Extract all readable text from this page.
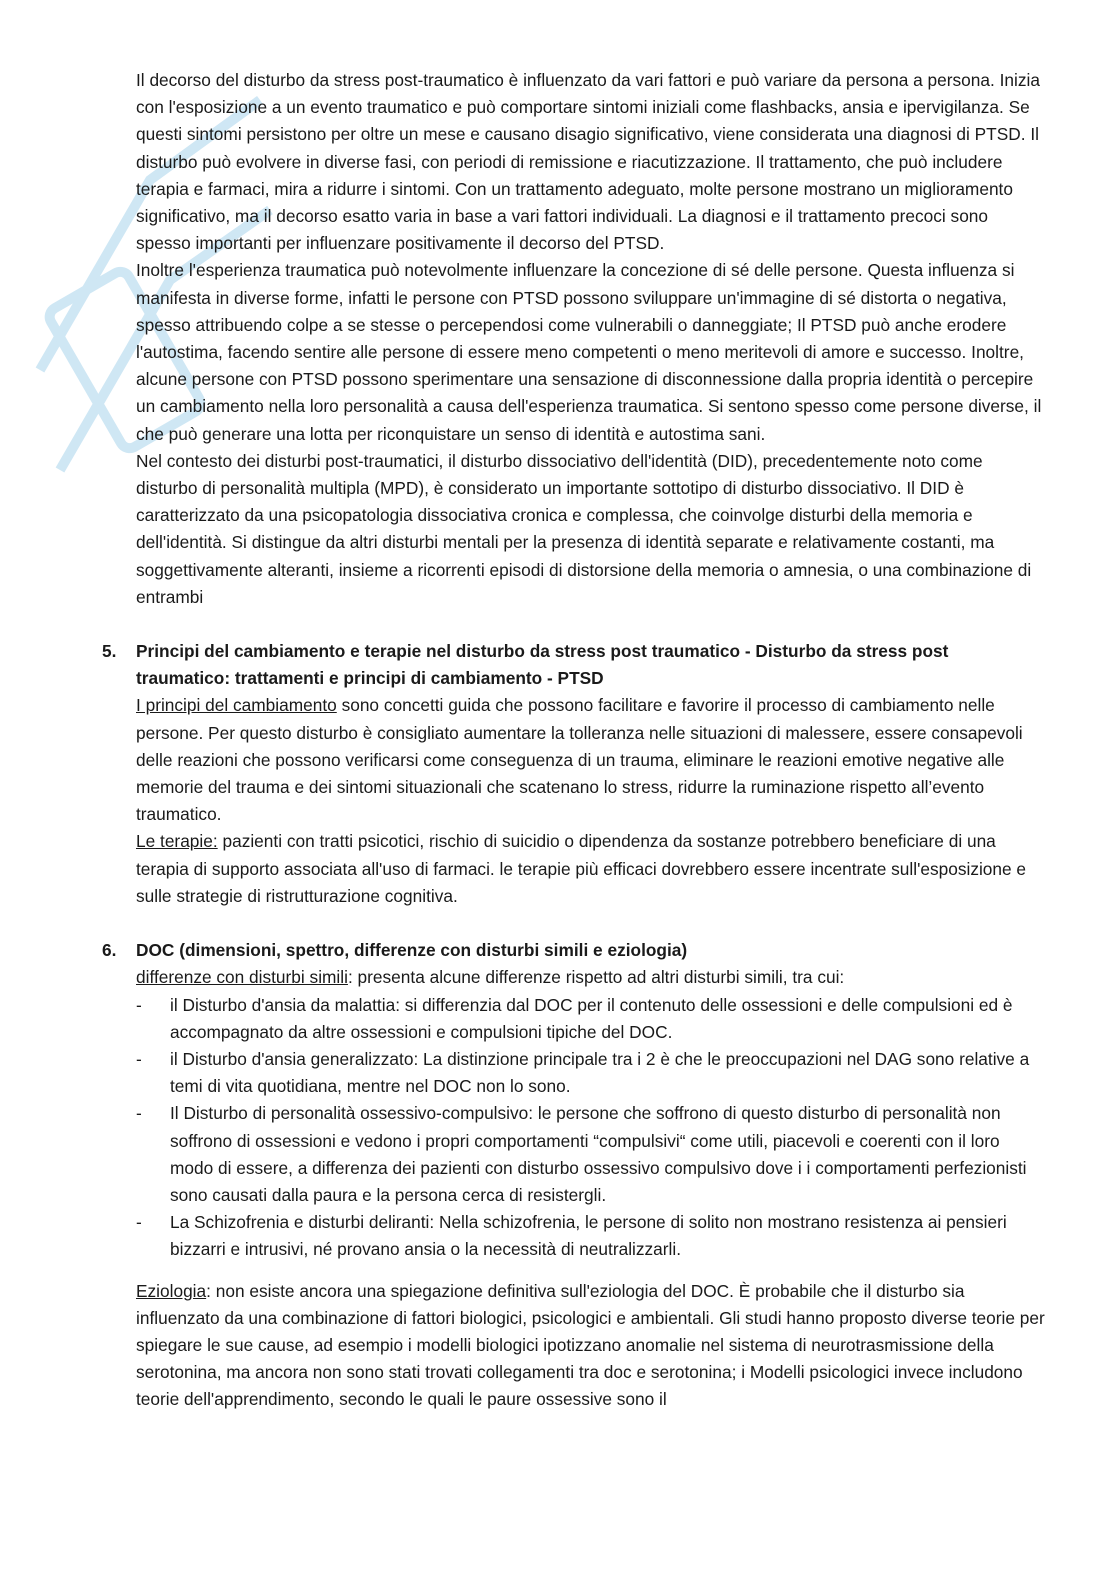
Il decorso del disturbo da stress post-traumatico è influenzato da vari fattori e può variare da persona a persona. Inizia con l'esposizione a un evento traumatico e può comportare sintomi iniziali come flashbacks, ansia e ipervigilanza. Se questi sintomi persistono per oltre un mese e causano disagio significativo, viene considerata una diagnosi di PTSD. Il disturbo può evolvere in diverse fasi, con periodi di remissione e riacutizzazione. Il trattamento, che può includere terapia e farmaci, mira a ridurre i sintomi. Con un trattamento adeguato, molte persone mostrano un miglioramento significativo, ma il decorso esatto varia in base a vari fattori individuali. La diagnosi e il trattamento precoci sono spesso importanti per influenzare positivamente il decorso del PTSD.

Inoltre l'esperienza traumatica può notevolmente influenzare la concezione di sé delle persone. Questa influenza si manifesta in diverse forme, infatti le persone con PTSD possono sviluppare un'immagine di sé distorta o negativa, spesso attribuendo colpe a se stesse o percependosi come vulnerabili o danneggiate; Il PTSD può anche erodere l'autostima, facendo sentire alle persone di essere meno competenti o meno meritevoli di amore e successo. Inoltre, alcune persone con PTSD possono sperimentare una sensazione di disconnessione dalla propria identità o percepire un cambiamento nella loro personalità a causa dell'esperienza traumatica. Si sentono spesso come persone diverse, il che può generare una lotta per riconquistare un senso di identità e autostima sani.

Nel contesto dei disturbi post-traumatici, il disturbo dissociativo dell'identità (DID), precedentemente noto come disturbo di personalità multipla (MPD), è considerato un importante sottotipo di disturbo dissociativo. Il DID è caratterizzato da una psicopatologia dissociativa cronica e complessa, che coinvolge disturbi della memoria e dell'identità. Si distingue da altri disturbi mentali per la presenza di identità separate e relativamente costanti, ma soggettivamente alteranti, insieme a ricorrenti episodi di distorsione della memoria o amnesia, o una combinazione di entrambi

5.	Principi del cambiamento e terapie nel disturbo da stress post traumatico - Disturbo da stress post traumatico: trattamenti e principi di cambiamento - PTSD

I principi del cambiamento sono concetti guida che possono facilitare e favorire il processo di cambiamento nelle persone. Per questo disturbo è consigliato aumentare la tolleranza nelle situazioni di malessere, essere consapevoli delle reazioni che possono verificarsi come conseguenza di un trauma, eliminare le reazioni emotive negative alle memorie del trauma e dei sintomi situazionali che scatenano lo stress, ridurre la ruminazione rispetto all’evento traumatico.

Le terapie: pazienti con tratti psicotici, rischio di suicidio o dipendenza da sostanze potrebbero beneficiare di una terapia di supporto associata all'uso di farmaci. le terapie più efficaci dovrebbero essere incentrate sull'esposizione e sulle strategie di ristrutturazione cognitiva.

6.	DOC (dimensioni, spettro, differenze con disturbi simili e eziologia)

differenze con disturbi simili: presenta alcune differenze rispetto ad altri disturbi simili, tra cui:

- il Disturbo d'ansia da malattia: si differenzia dal DOC per il contenuto delle ossessioni e delle compulsioni ed è accompagnato da altre ossessioni e compulsioni tipiche del DOC.
- il Disturbo d'ansia generalizzato: La distinzione principale tra i 2 è che le preoccupazioni nel DAG sono relative a temi di vita quotidiana, mentre nel DOC non lo sono.
- Il Disturbo di personalità ossessivo-compulsivo: le persone che soffrono di questo disturbo di personalità non soffrono di ossessioni e vedono i propri comportamenti “compulsivi“ come utili, piacevoli e coerenti con il loro modo di essere, a differenza dei pazienti con disturbo ossessivo compulsivo dove i i comportamenti perfezionisti sono causati dalla paura e la persona cerca di resistergli.
- La Schizofrenia e disturbi deliranti: Nella schizofrenia, le persone di solito non mostrano resistenza ai pensieri bizzarri e intrusivi, né provano ansia o la necessità di neutralizzarli.

Eziologia: non esiste ancora una spiegazione definitiva sull'eziologia del DOC. È probabile che il disturbo sia influenzato da una combinazione di fattori biologici, psicologici e ambientali. Gli studi hanno proposto diverse teorie per spiegare le sue cause, ad esempio i modelli biologici ipotizzano anomalie nel sistema di neurotrasmissione della serotonina, ma ancora non sono stati trovati collegamenti tra doc e serotonina; i Modelli psicologici invece includono teorie dell'apprendimento, secondo le quali le paure ossessive sono il
